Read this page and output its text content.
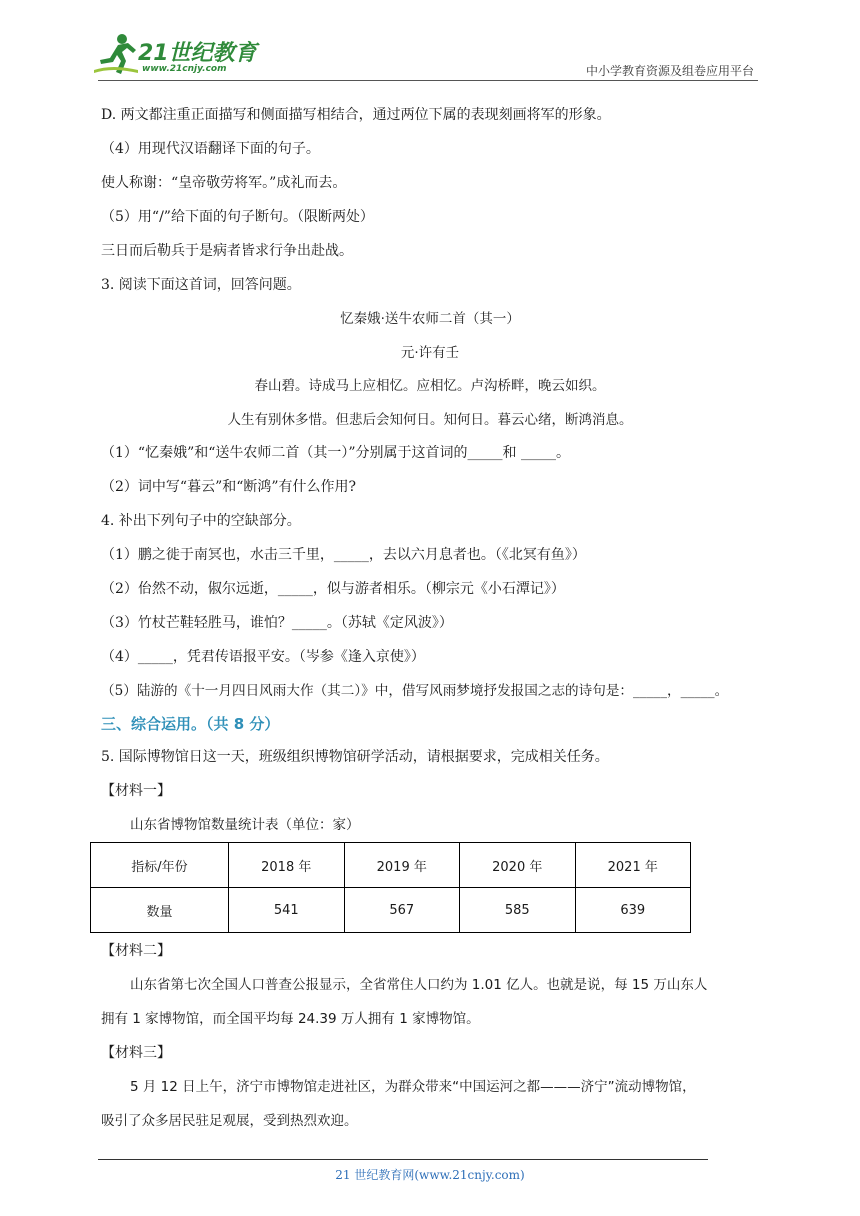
21世纪教育
www.21cnjy.com	中小学教育资源及组卷应用平台
D. 两文都注重正面描写和侧面描写相结合，通过两位下属的表现刻画将军的形象。
（4）用现代汉语翻译下面的句子。
使人称谢：“皇帝敬劳将军。”成礼而去。
（5）用“/”给下面的句子断句。（限断两处）
三日而后勒兵于是病者皆求行争出赴战。
3. 阅读下面这首词，回答问题。
忆秦娥·送牛农师二首（其一）
元·许有壬
春山碧。诗成马上应相忆。应相忆。卢沟桥畔，晚云如织。
人生有别休多惜。但悲后会知何日。知何日。暮云心绪，断鸿消息。
（1）“忆秦娥”和“送牛农师二首（其一）”分别属于这首词的_____和 _____。
（2）词中写“暮云”和“断鸿”有什么作用?
4. 补出下列句子中的空缺部分。
（1）鹏之徙于南冥也，水击三千里，_____，去以六月息者也。（《北冥有鱼》）
（2）佁然不动，俶尔远逝，_____，似与游者相乐。（柳宗元《小石潭记》）
（3）竹杖芒鞋轻胜马，谁怕？_____。（苏轼《定风波》）
（4）_____，凭君传语报平安。（岑参《逢入京使》）
（5）陆游的《十一月四日风雨大作（其二）》中，借写风雨梦境抒发报国之志的诗句是：_____，_____。
三、综合运用。（共 8 分）
5. 国际博物馆日这一天，班级组织博物馆研学活动，请根据要求，完成相关任务。
【材料一】
山东省博物馆数量统计表（单位：家）
指标/年份	2018 年	2019 年	2020 年	2021 年
数量	541	567	585	639
【材料二】
山东省第七次全国人口普查公报显示，全省常住人口约为 1.01 亿人。也就是说，每 15 万山东人
拥有 1 家博物馆，而全国平均每 24.39 万人拥有 1 家博物馆。
【材料三】
5 月 12 日上午，济宁市博物馆走进社区，为群众带来“中国运河之都———济宁”流动博物馆，
吸引了众多居民驻足观展，受到热烈欢迎。
21 世纪教育网(www.21cnjy.com)
